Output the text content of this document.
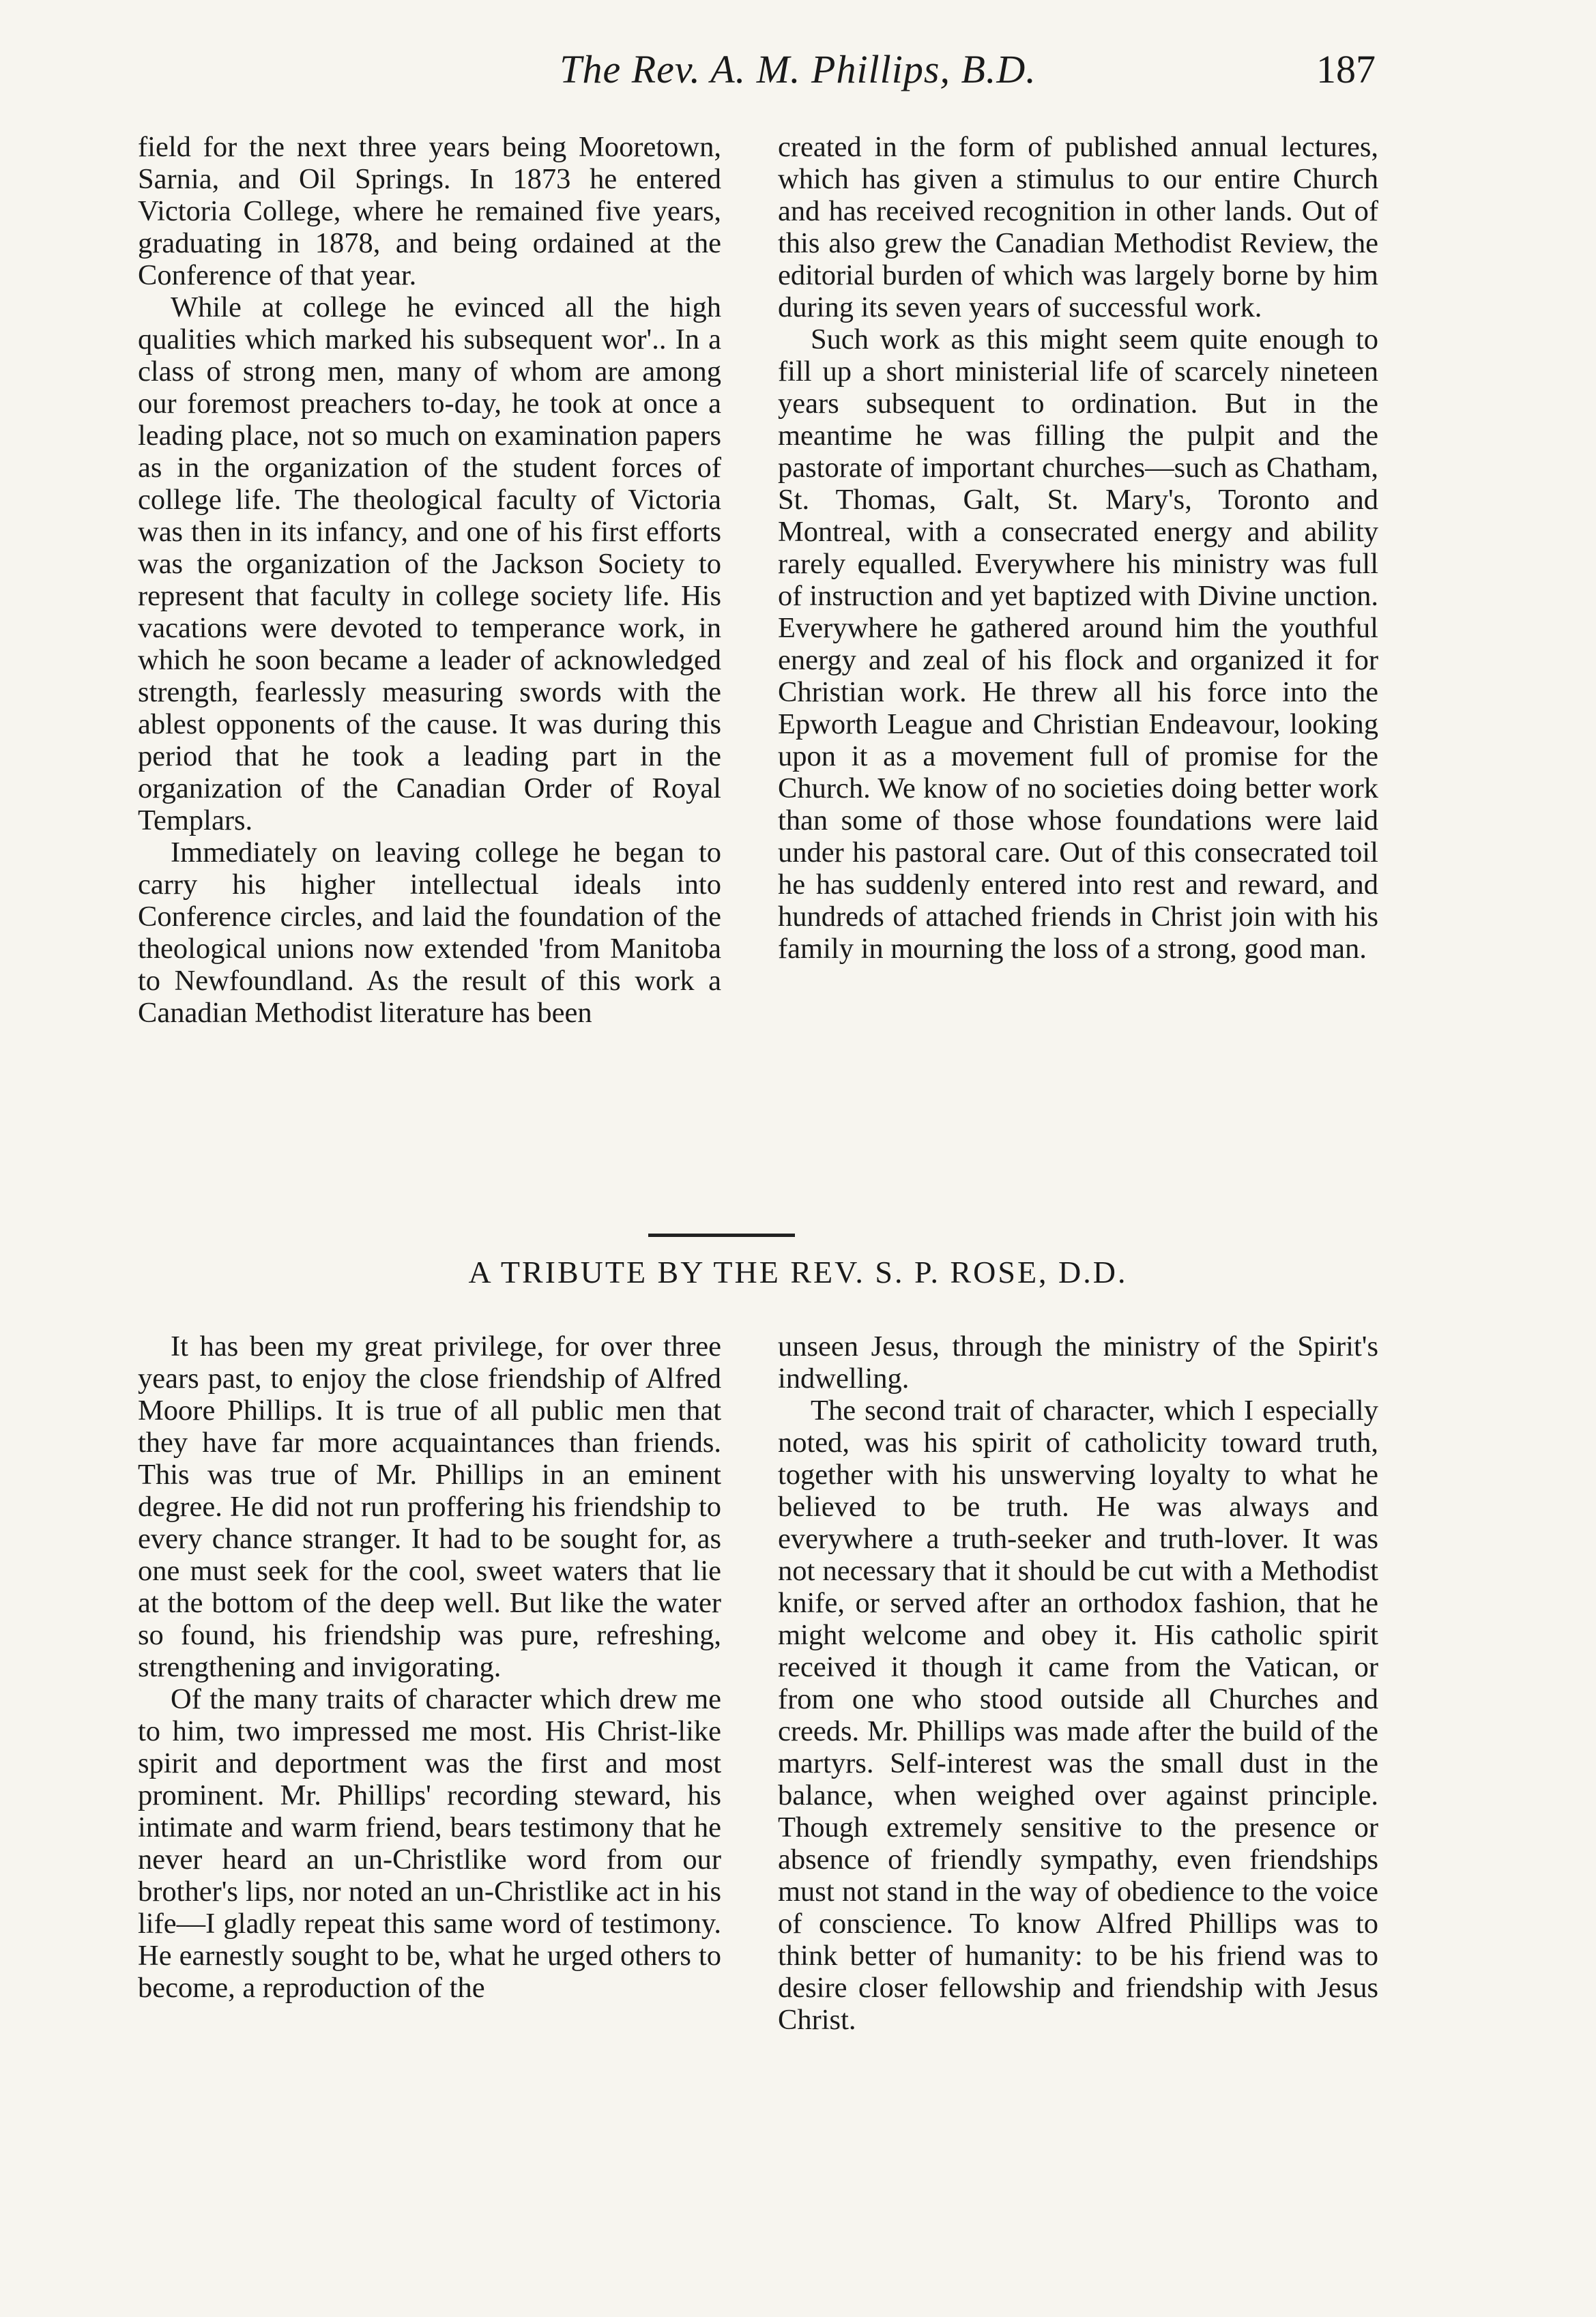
The Rev. A. M. Phillips, B.D.	187

field for the next three years being Mooretown, Sarnia, and Oil Springs. In 1873 he entered Victoria College, where he remained five years, graduating in 1878, and being ordained at the Conference of that year.

While at college he evinced all the high qualities which marked his subsequent wor'.. In a class of strong men, many of whom are among our foremost preachers to-day, he took at once a leading place, not so much on examination papers as in the organization of the student forces of college life. The theological faculty of Victoria was then in its infancy, and one of his first efforts was the organization of the Jackson Society to represent that faculty in college society life. His vacations were devoted to temperance work, in which he soon became a leader of acknowledged strength, fearlessly measuring swords with the ablest opponents of the cause. It was during this period that he took a leading part in the organization of the Canadian Order of Royal Templars.

Immediately on leaving college he began to carry his higher intellectual ideals into Conference circles, and laid the foundation of the theological unions now extended 'from Manitoba to Newfoundland. As the result of this work a Canadian Methodist literature has been

created in the form of published annual lectures, which has given a stimulus to our entire Church and has received recognition in other lands. Out of this also grew the Canadian Methodist Review, the editorial burden of which was largely borne by him during its seven years of successful work.

Such work as this might seem quite enough to fill up a short ministerial life of scarcely nineteen years subsequent to ordination. But in the meantime he was filling the pulpit and the pastorate of important churches—such as Chatham, St. Thomas, Galt, St. Mary's, Toronto and Montreal, with a consecrated energy and ability rarely equalled. Everywhere his ministry was full of instruction and yet baptized with Divine unction. Everywhere he gathered around him the youthful energy and zeal of his flock and organized it for Christian work. He threw all his force into the Epworth League and Christian Endeavour, looking upon it as a movement full of promise for the Church. We know of no societies doing better work than some of those whose foundations were laid under his pastoral care. Out of this consecrated toil he has suddenly entered into rest and reward, and hundreds of attached friends in Christ join with his family in mourning the loss of a strong, good man.

A TRIBUTE BY THE REV. S. P. ROSE, D.D.

It has been my great privilege, for over three years past, to enjoy the close friendship of Alfred Moore Phillips. It is true of all public men that they have far more acquaintances than friends. This was true of Mr. Phillips in an eminent degree. He did not run proffering his friendship to every chance stranger. It had to be sought for, as one must seek for the cool, sweet waters that lie at the bottom of the deep well. But like the water so found, his friendship was pure, refreshing, strengthening and invigorating.

Of the many traits of character which drew me to him, two impressed me most. His Christ-like spirit and deportment was the first and most prominent. Mr. Phillips' recording steward, his intimate and warm friend, bears testimony that he never heard an un-Christlike word from our brother's lips, nor noted an un-Christlike act in his life—I gladly repeat this same word of testimony. He earnestly sought to be, what he urged others to become, a reproduction of the

unseen Jesus, through the ministry of the Spirit's indwelling.

The second trait of character, which I especially noted, was his spirit of catholicity toward truth, together with his unswerving loyalty to what he believed to be truth. He was always and everywhere a truth-seeker and truth-lover. It was not necessary that it should be cut with a Methodist knife, or served after an orthodox fashion, that he might welcome and obey it. His catholic spirit received it though it came from the Vatican, or from one who stood outside all Churches and creeds. Mr. Phillips was made after the build of the martyrs. Self-interest was the small dust in the balance, when weighed over against principle. Though extremely sensitive to the presence or absence of friendly sympathy, even friendships must not stand in the way of obedience to the voice of conscience. To know Alfred Phillips was to think better of humanity: to be his friend was to desire closer fellowship and friendship with Jesus Christ.
